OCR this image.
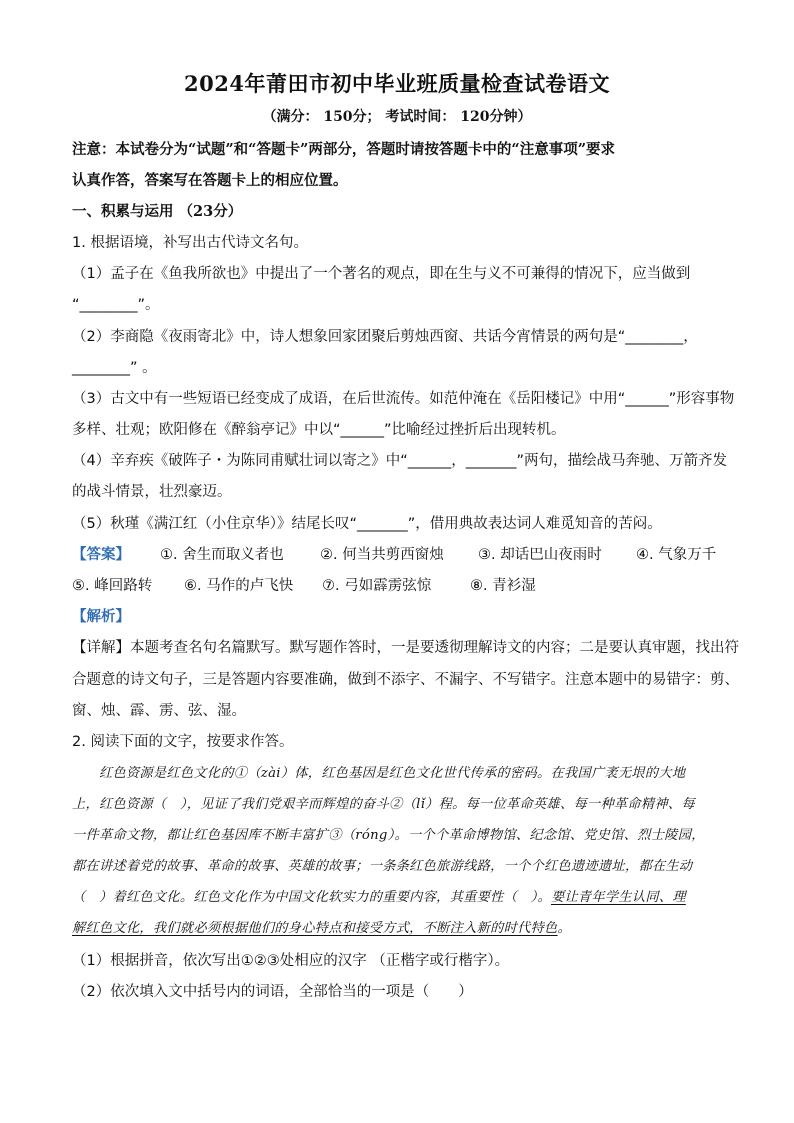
2024年莆田市初中毕业班质量检查试卷语文
（满分： 150分； 考试时间： 120分钟）
注意：本试卷分为“试题”和“答题卡”两部分，答题时请按答题卡中的“注意事项”要求
认真作答，答案写在答题卡上的相应位置。
一、积累与运用 （23分）
1. 根据语境，补写出古代诗文名句。
（1）孟子在《鱼我所欲也》中提出了一个著名的观点，即在生与义不可兼得的情况下，应当做到
“________”。
（2）李商隐《夜雨寄北》中，诗人想象回家团聚后剪烛西窗、共话今宵情景的两句是“________，
________” 。
（3）古文中有一些短语已经变成了成语，在后世流传。如范仲淹在《岳阳楼记》中用“______”形容事物
多样、壮观；欧阳修在《醉翁亭记》中以“______”比喻经过挫折后出现转机。
（4）辛弃疾《破阵子・为陈同甫赋壮词以寄之》中“______，_______”两句，描绘战马奔驰、万箭齐发
的战斗情景，壮烈豪迈。
（5）秋瑾《满江红（小住京华）》结尾长叹“_______”，借用典故表达词人难觅知音的苦闷。
【答案】 ①. 舍生而取义者也	②. 何当共剪西窗烛 ③. 却话巴山夜雨时 ④. 气象万千
⑤. 峰回路转 ⑥. 马作的卢飞快 ⑦. 弓如霹雳弦惊	⑧. 青衫湿
【解析】
【详解】本题考查名句名篇默写。默写题作答时，一是要透彻理解诗文的内容；二是要认真审题，找出符
合题意的诗文句子，三是答题内容要准确，做到不添字、不漏字、不写错字。注意本题中的易错字：剪、
窗、烛、霹、雳、弦、湿。
2. 阅读下面的文字，按要求作答。
　　红色资源是红色文化的①（zài）体，红色基因是红色文化世代传承的密码。在我国广袤无垠的大地
上，红色资源（　），见证了我们党艰辛而辉煌的奋斗②（lǐ）程。每一位革命英雄、每一种革命精神、每
一件革命文物，都让红色基因库不断丰富扩③（róng）。一个个革命博物馆、纪念馆、党史馆、烈士陵园，
都在讲述着党的故事、革命的故事、英雄的故事；一条条红色旅游线路，一个个红色遗迹遗址，都在生动
（　）着红色文化。红色文化作为中国文化软实力的重要内容，其重要性（　）。要让青年学生认同、理
解红色文化，我们就必须根据他们的身心特点和接受方式，不断注入新的时代特色。
（1）根据拼音，依次写出①②③处相应的汉字 （正楷字或行楷字）。
（2）依次填入文中括号内的词语，全部恰当的一项是（　　）
